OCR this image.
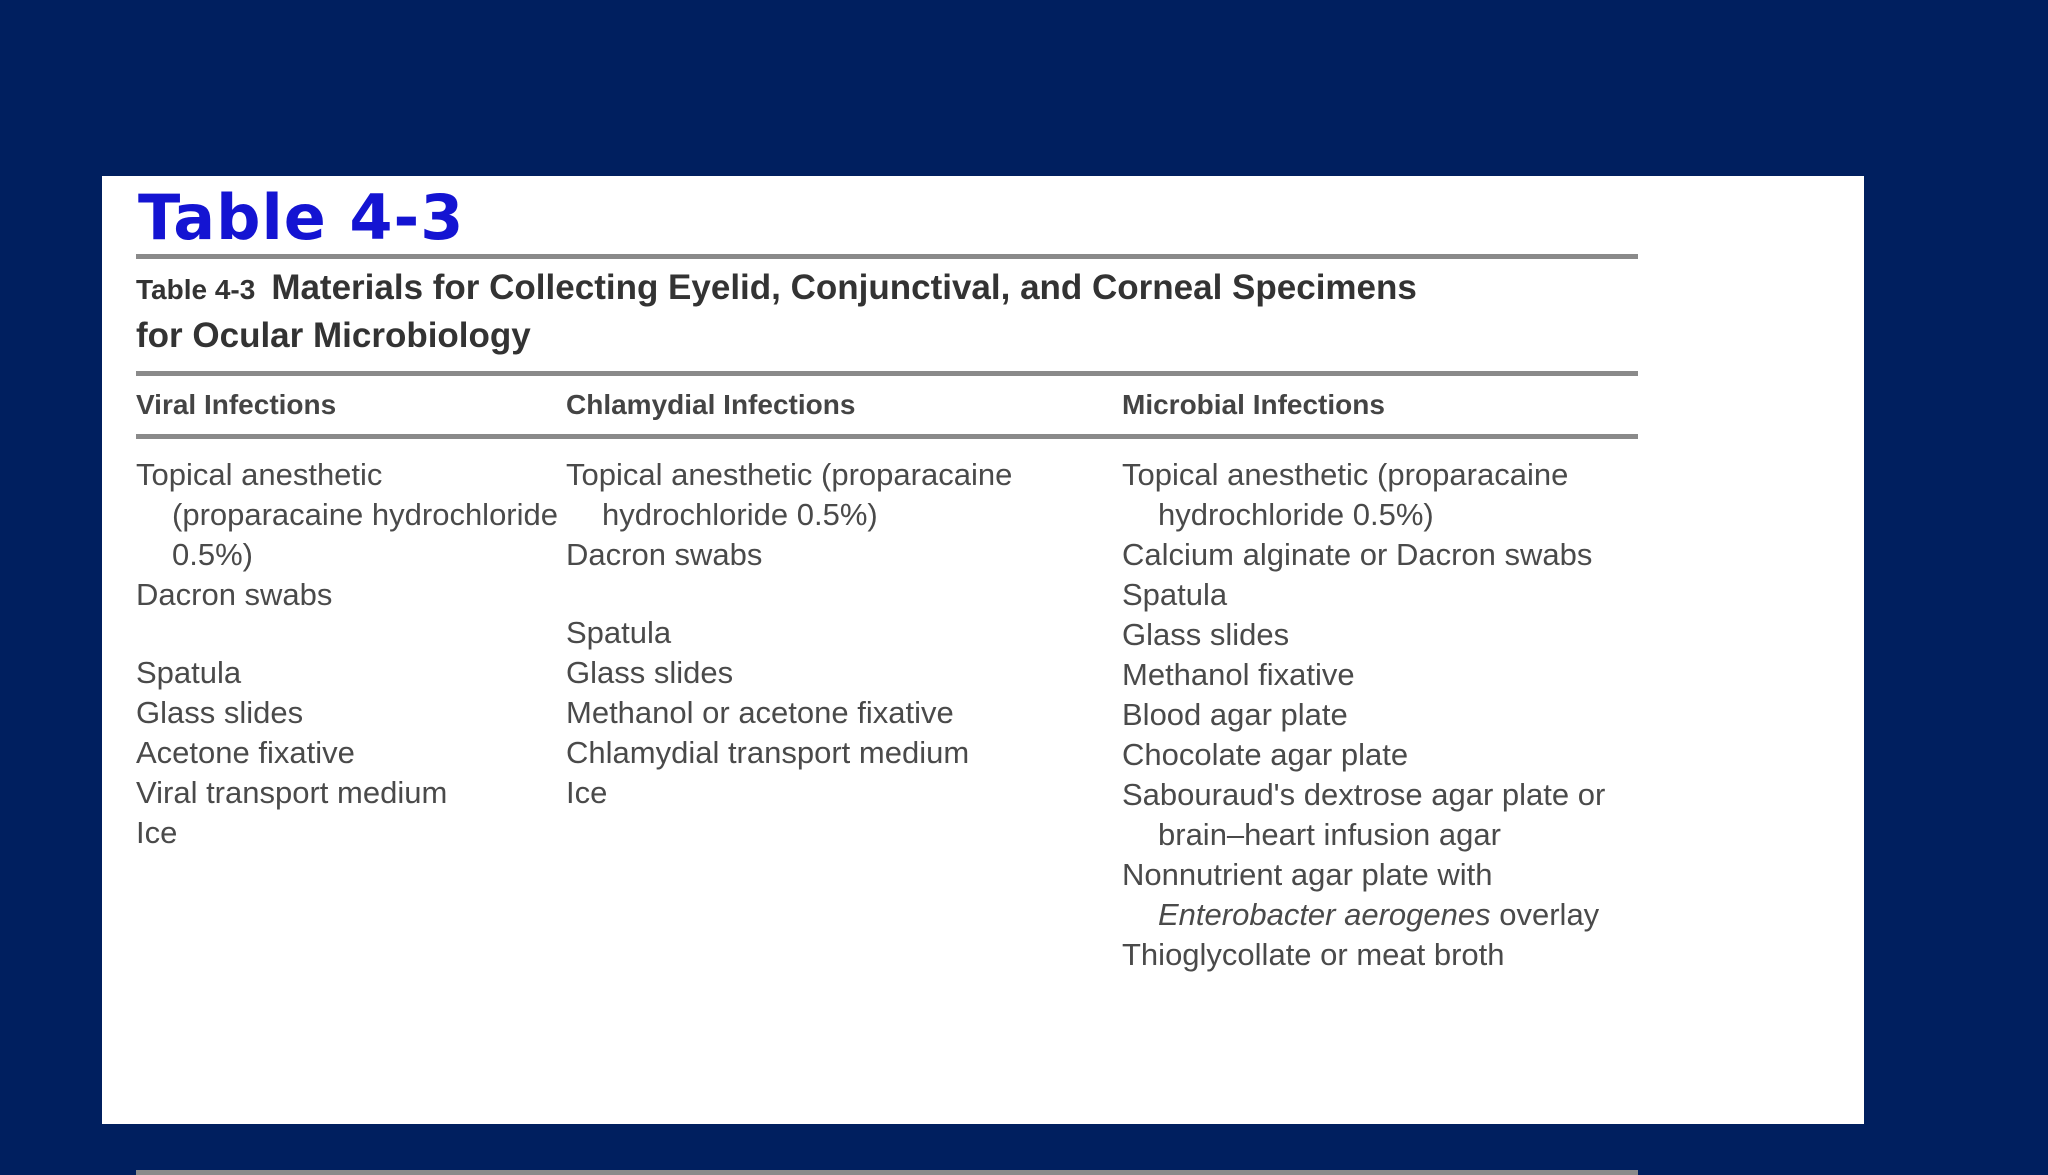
Table 4-3
Table 4-3 Materials for Collecting Eyelid, Conjunctival, and Corneal Specimens
for Ocular Microbiology
Viral Infections	Chlamydial Infections	Microbial Infections
Topical anesthetic (proparacaine hydrochloride 0.5%)
Dacron swabs
Spatula
Glass slides
Acetone fixative
Viral transport medium
Ice
Topical anesthetic (proparacaine hydrochloride 0.5%)
Dacron swabs
Spatula
Glass slides
Methanol or acetone fixative
Chlamydial transport medium
Ice
Topical anesthetic (proparacaine hydrochloride 0.5%)
Calcium alginate or Dacron swabs
Spatula
Glass slides
Methanol fixative
Blood agar plate
Chocolate agar plate
Sabouraud's dextrose agar plate or brain–heart infusion agar
Nonnutrient agar plate with Enterobacter aerogenes overlay
Thioglycollate or meat broth
